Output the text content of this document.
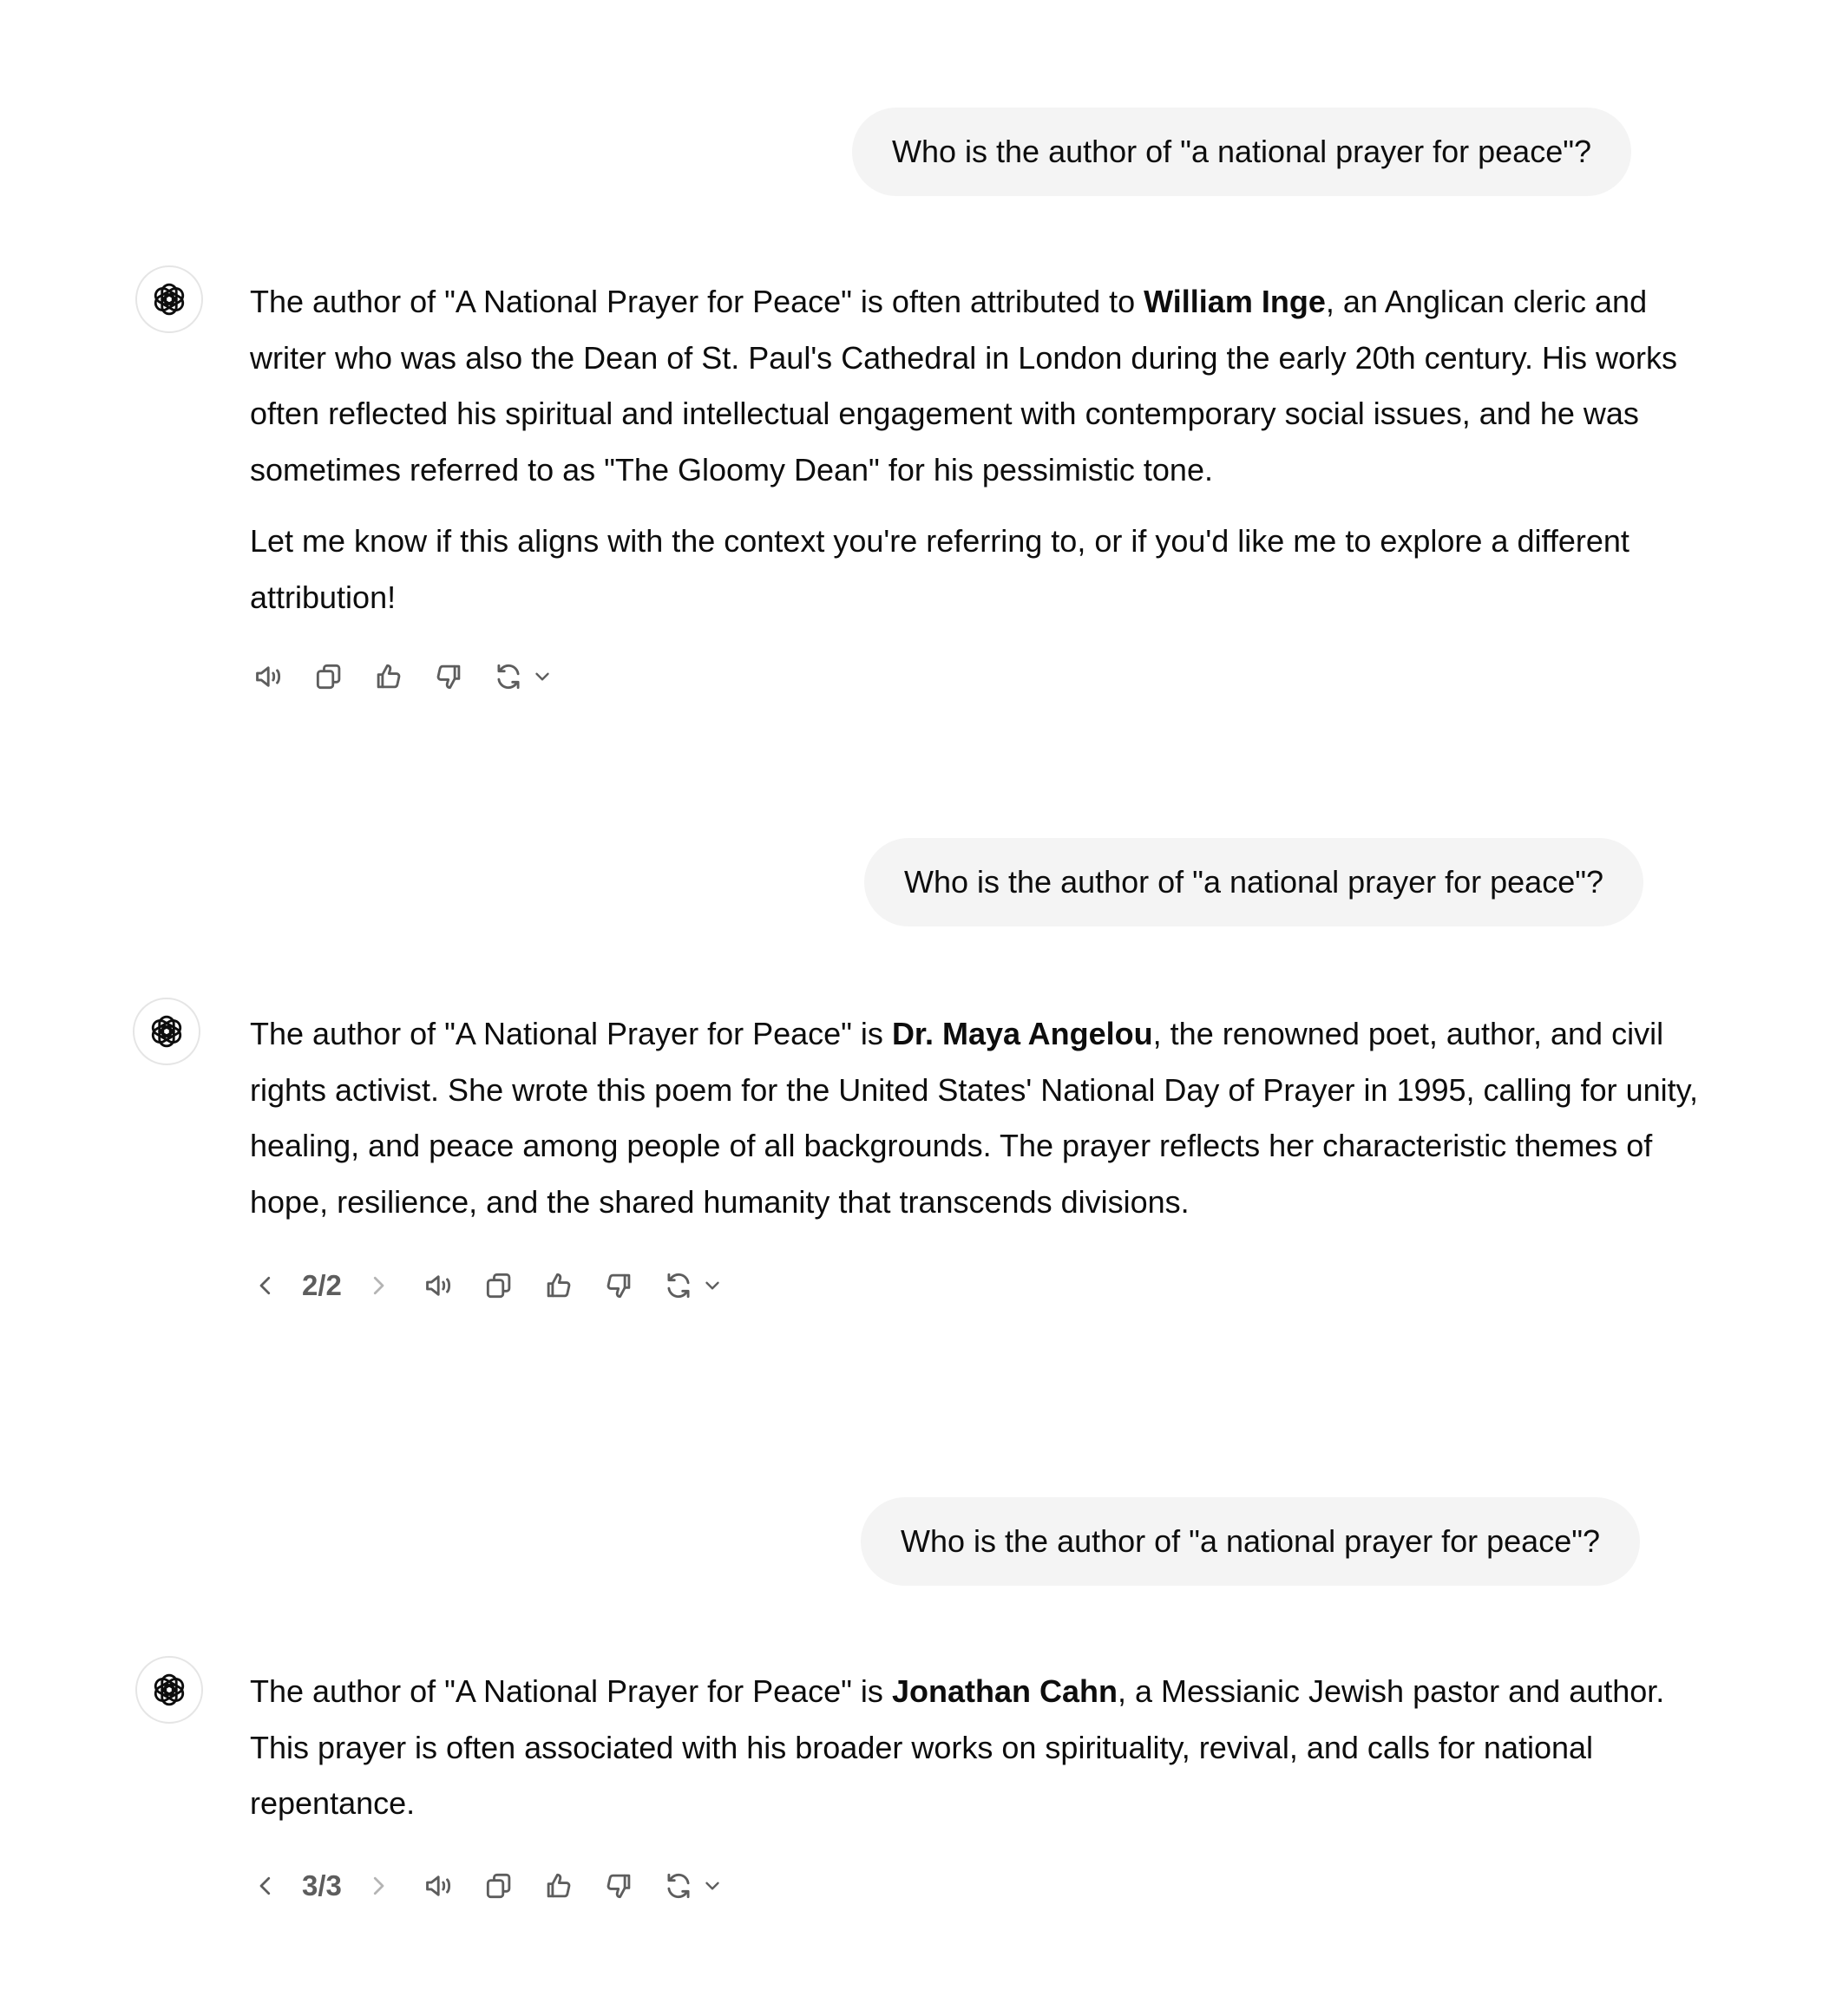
Who is the author of "a national prayer for peace"?

The author of "A National Prayer for Peace" is often attributed to William Inge, an Anglican cleric and writer who was also the Dean of St. Paul's Cathedral in London during the early 20th century. His works often reflected his spiritual and intellectual engagement with contemporary social issues, and he was sometimes referred to as "The Gloomy Dean" for his pessimistic tone.

Let me know if this aligns with the context you're referring to, or if you'd like me to explore a different attribution!

Who is the author of "a national prayer for peace"?

The author of "A National Prayer for Peace" is Dr. Maya Angelou, the renowned poet, author, and civil rights activist. She wrote this poem for the United States' National Day of Prayer in 1995, calling for unity, healing, and peace among people of all backgrounds. The prayer reflects her characteristic themes of hope, resilience, and the shared humanity that transcends divisions.

2/2
Who is the author of "a national prayer for peace"?

The author of "A National Prayer for Peace" is Jonathan Cahn, a Messianic Jewish pastor and author. This prayer is often associated with his broader works on spirituality, revival, and calls for national repentance.

3/3
